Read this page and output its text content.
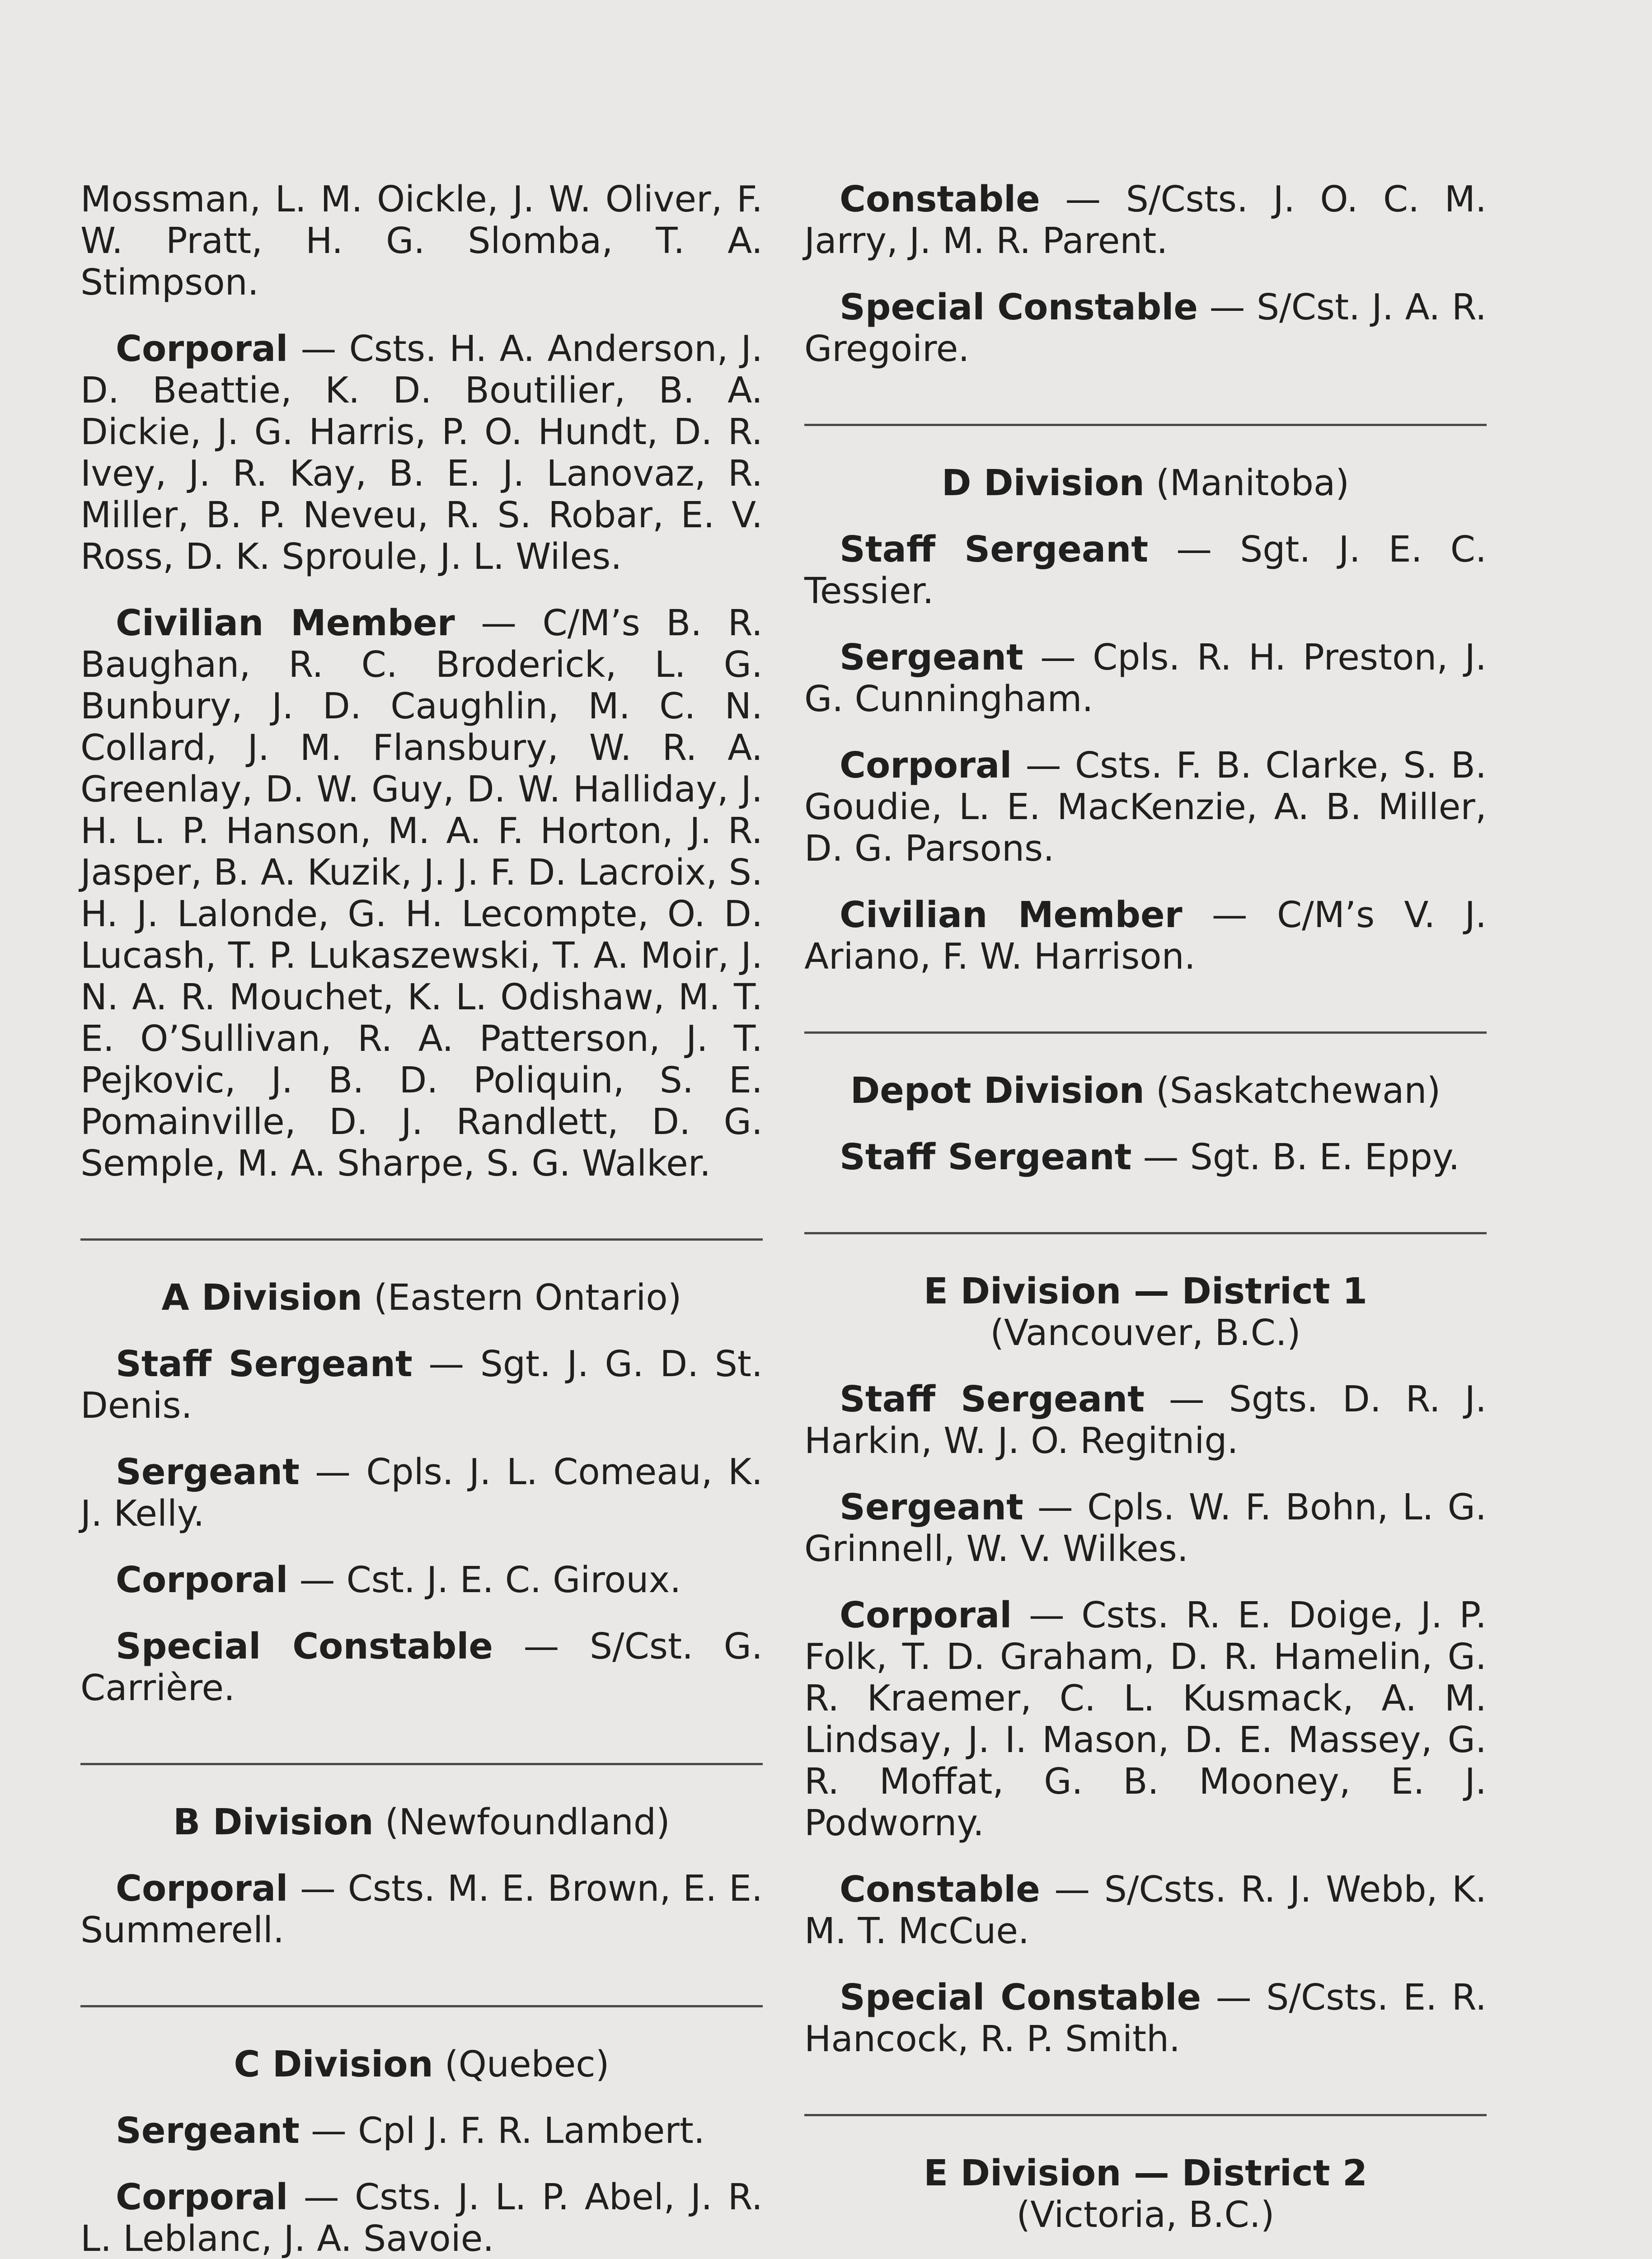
Mossman, L. M. Oickle, J. W. Oliver, F. W. Pratt, H. G. Slomba, T. A. Stimpson.

Corporal — Csts. H. A. Anderson, J. D. Beattie, K. D. Boutilier, B. A. Dickie, J. G. Harris, P. O. Hundt, D. R. Ivey, J. R. Kay, B. E. J. Lanovaz, R. Miller, B. P. Neveu, R. S. Robar, E. V. Ross, D. K. Sproule, J. L. Wiles.

Civilian Member — C/M’s B. R. Baughan, R. C. Broderick, L. G. Bunbury, J. D. Caughlin, M. C. N. Collard, J. M. Flansbury, W. R. A. Greenlay, D. W. Guy, D. W. Halliday, J. H. L. P. Hanson, M. A. F. Horton, J. R. Jasper, B. A. Kuzik, J. J. F. D. Lacroix, S. H. J. Lalonde, G. H. Lecompte, O. D. Lucash, T. P. Lukaszewski, T. A. Moir, J. N. A. R. Mouchet, K. L. Odishaw, M. T. E. O’Sullivan, R. A. Patterson, J. T. Pejkovic, J. B. D. Poliquin, S. E. Pomainville, D. J. Randlett, D. G. Semple, M. A. Sharpe, S. G. Walker.

A Division (Eastern Ontario)

Staff Sergeant — Sgt. J. G. D. St. Denis.

Sergeant — Cpls. J. L. Comeau, K. J. Kelly.

Corporal — Cst. J. E. C. Giroux.

Special Constable — S/Cst. G. Carrière.

B Division (Newfoundland)

Corporal — Csts. M. E. Brown, E. E. Summerell.

C Division (Quebec)

Sergeant — Cpl J. F. R. Lambert.

Corporal — Csts. J. L. P. Abel, J. R. L. Leblanc, J. A. Savoie.

Constable — S/Csts. J. O. C. M. Jarry, J. M. R. Parent.

Special Constable — S/Cst. J. A. R. Gregoire.

D Division (Manitoba)

Staff Sergeant — Sgt. J. E. C. Tessier.

Sergeant — Cpls. R. H. Preston, J. G. Cunningham.

Corporal — Csts. F. B. Clarke, S. B. Goudie, L. E. MacKenzie, A. B. Miller, D. G. Parsons.

Civilian Member — C/M’s V. J. Ariano, F. W. Harrison.

Depot Division (Saskatchewan)

Staff Sergeant — Sgt. B. E. Eppy.

E Division — District 1
(Vancouver, B.C.)

Staff Sergeant — Sgts. D. R. J. Harkin, W. J. O. Regitnig.

Sergeant — Cpls. W. F. Bohn, L. G. Grinnell, W. V. Wilkes.

Corporal — Csts. R. E. Doige, J. P. Folk, T. D. Graham, D. R. Hamelin, G. R. Kraemer, C. L. Kusmack, A. M. Lindsay, J. I. Mason, D. E. Massey, G. R. Moffat, G. B. Mooney, E. J. Podworny.

Constable — S/Csts. R. J. Webb, K. M. T. McCue.

Special Constable — S/Csts. E. R. Hancock, R. P. Smith.

E Division — District 2
(Victoria, B.C.)
